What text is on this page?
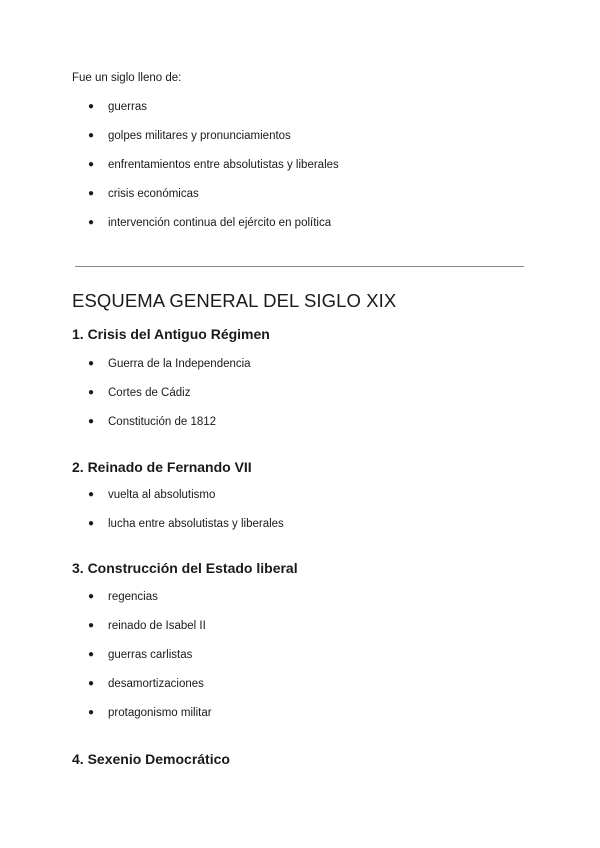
Fue un siglo lleno de:

● guerras
● golpes militares y pronunciamientos
● enfrentamientos entre absolutistas y liberales
● crisis económicas
● intervención continua del ejército en política
ESQUEMA GENERAL DEL SIGLO XIX
1. Crisis del Antiguo Régimen
● Guerra de la Independencia
● Cortes de Cádiz
● Constitución de 1812
2. Reinado de Fernando VII
● vuelta al absolutismo
● lucha entre absolutistas y liberales
3. Construcción del Estado liberal
● regencias
● reinado de Isabel II
● guerras carlistas
● desamortizaciones
● protagonismo militar
4. Sexenio Democrático
